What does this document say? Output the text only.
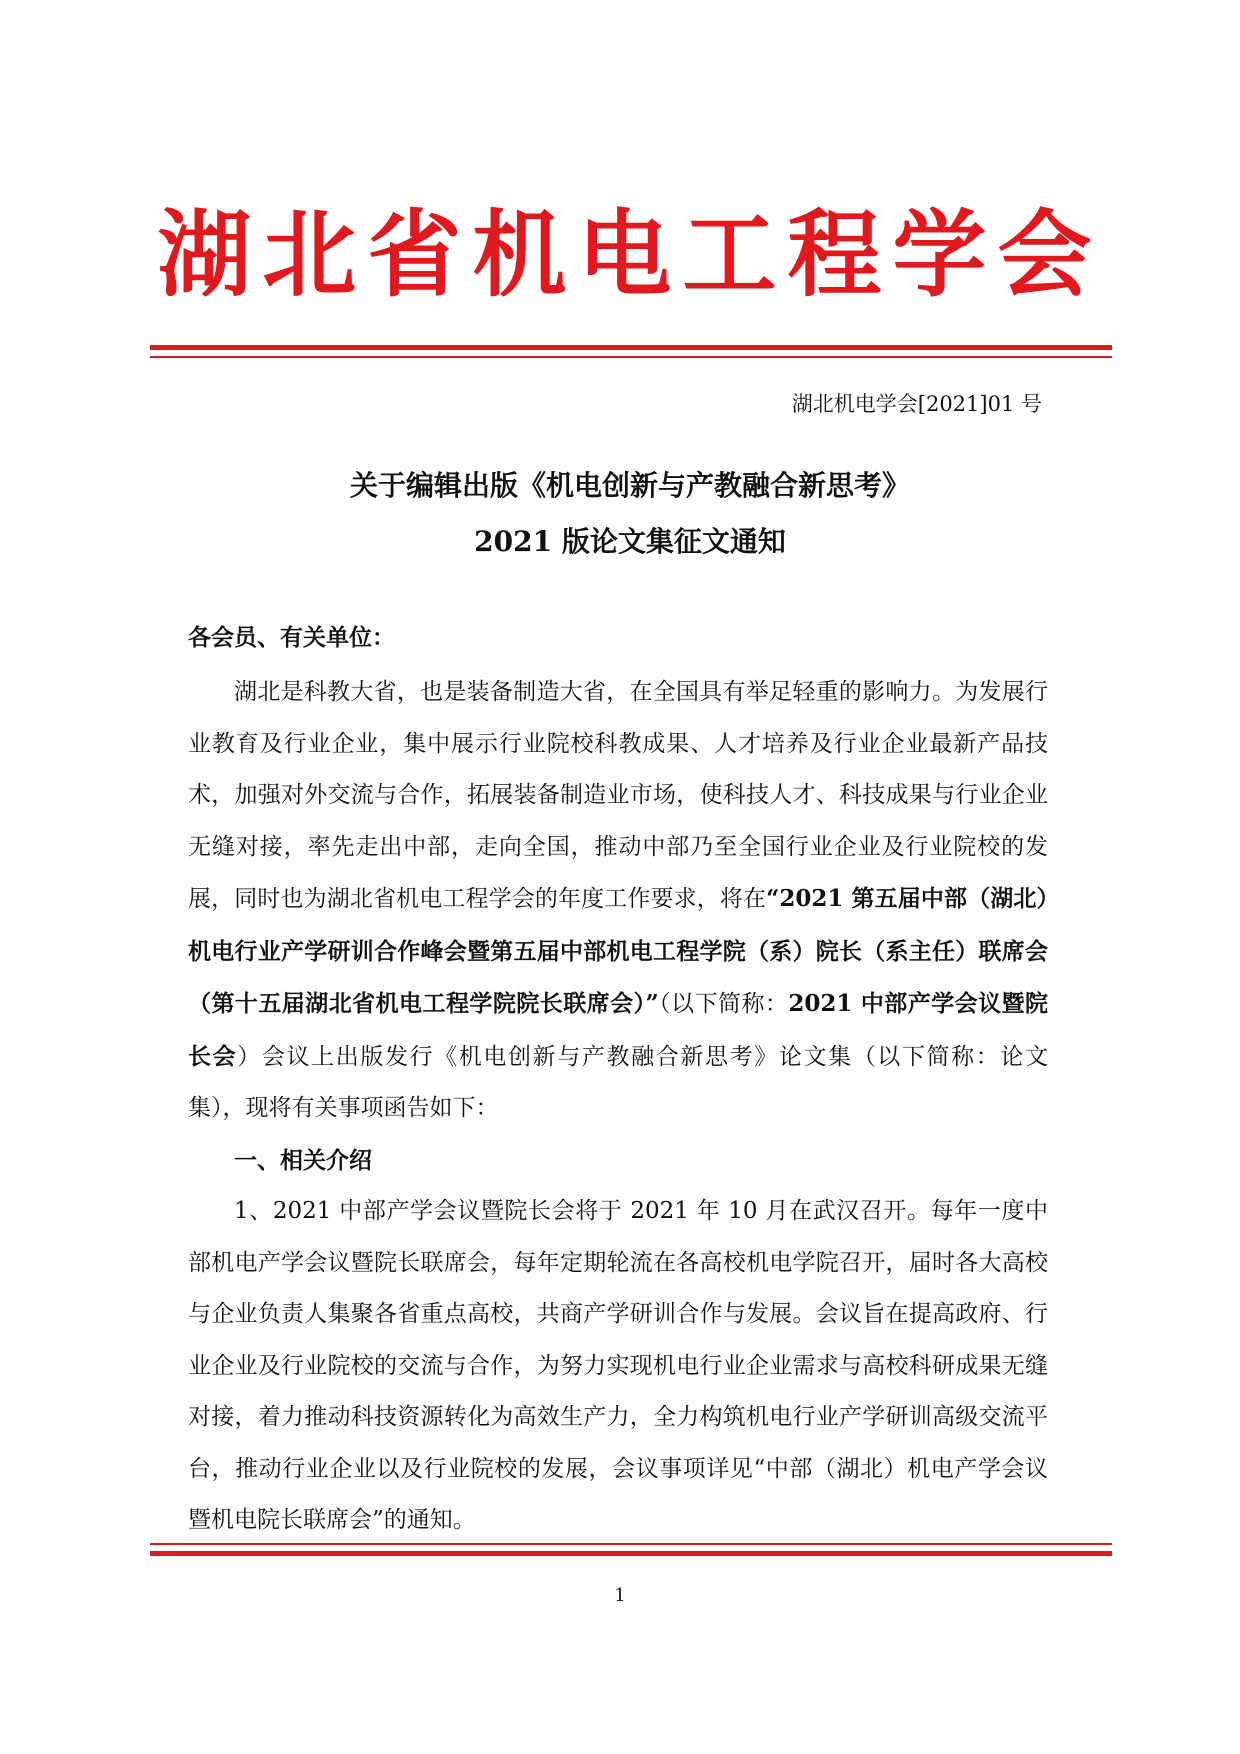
湖北省机电工程学会
湖北机电学会[2021]01 号
关于编辑出版《机电创新与产教融合新思考》
2021 版论文集征文通知
各会员、有关单位：

湖北是科教大省，也是装备制造大省，在全国具有举足轻重的影响力。为发展行业教育及行业企业，集中展示行业院校科教成果、人才培养及行业企业最新产品技术，加强对外交流与合作，拓展装备制造业市场，使科技人才、科技成果与行业企业无缝对接，率先走出中部，走向全国，推动中部乃至全国行业企业及行业院校的发展，同时也为湖北省机电工程学会的年度工作要求，将在“2021 第五届中部（湖北）机电行业产学研训合作峰会暨第五届中部机电工程学院（系）院长（系主任）联席会（第十五届湖北省机电工程学院院长联席会）”（以下简称：2021 中部产学会议暨院长会）会议上出版发行《机电创新与产教融合新思考》论文集（以下简称：论文集），现将有关事项函告如下：

一、相关介绍

1、2021 中部产学会议暨院长会将于 2021 年 10 月在武汉召开。每年一度中部机电产学会议暨院长联席会，每年定期轮流在各高校机电学院召开，届时各大高校与企业负责人集聚各省重点高校，共商产学研训合作与发展。会议旨在提高政府、行业企业及行业院校的交流与合作，为努力实现机电行业企业需求与高校科研成果无缝对接，着力推动科技资源转化为高效生产力，全力构筑机电行业产学研训高级交流平台，推动行业企业以及行业院校的发展，会议事项详见“中部（湖北）机电产学会议暨机电院长联席会”的通知。

1
